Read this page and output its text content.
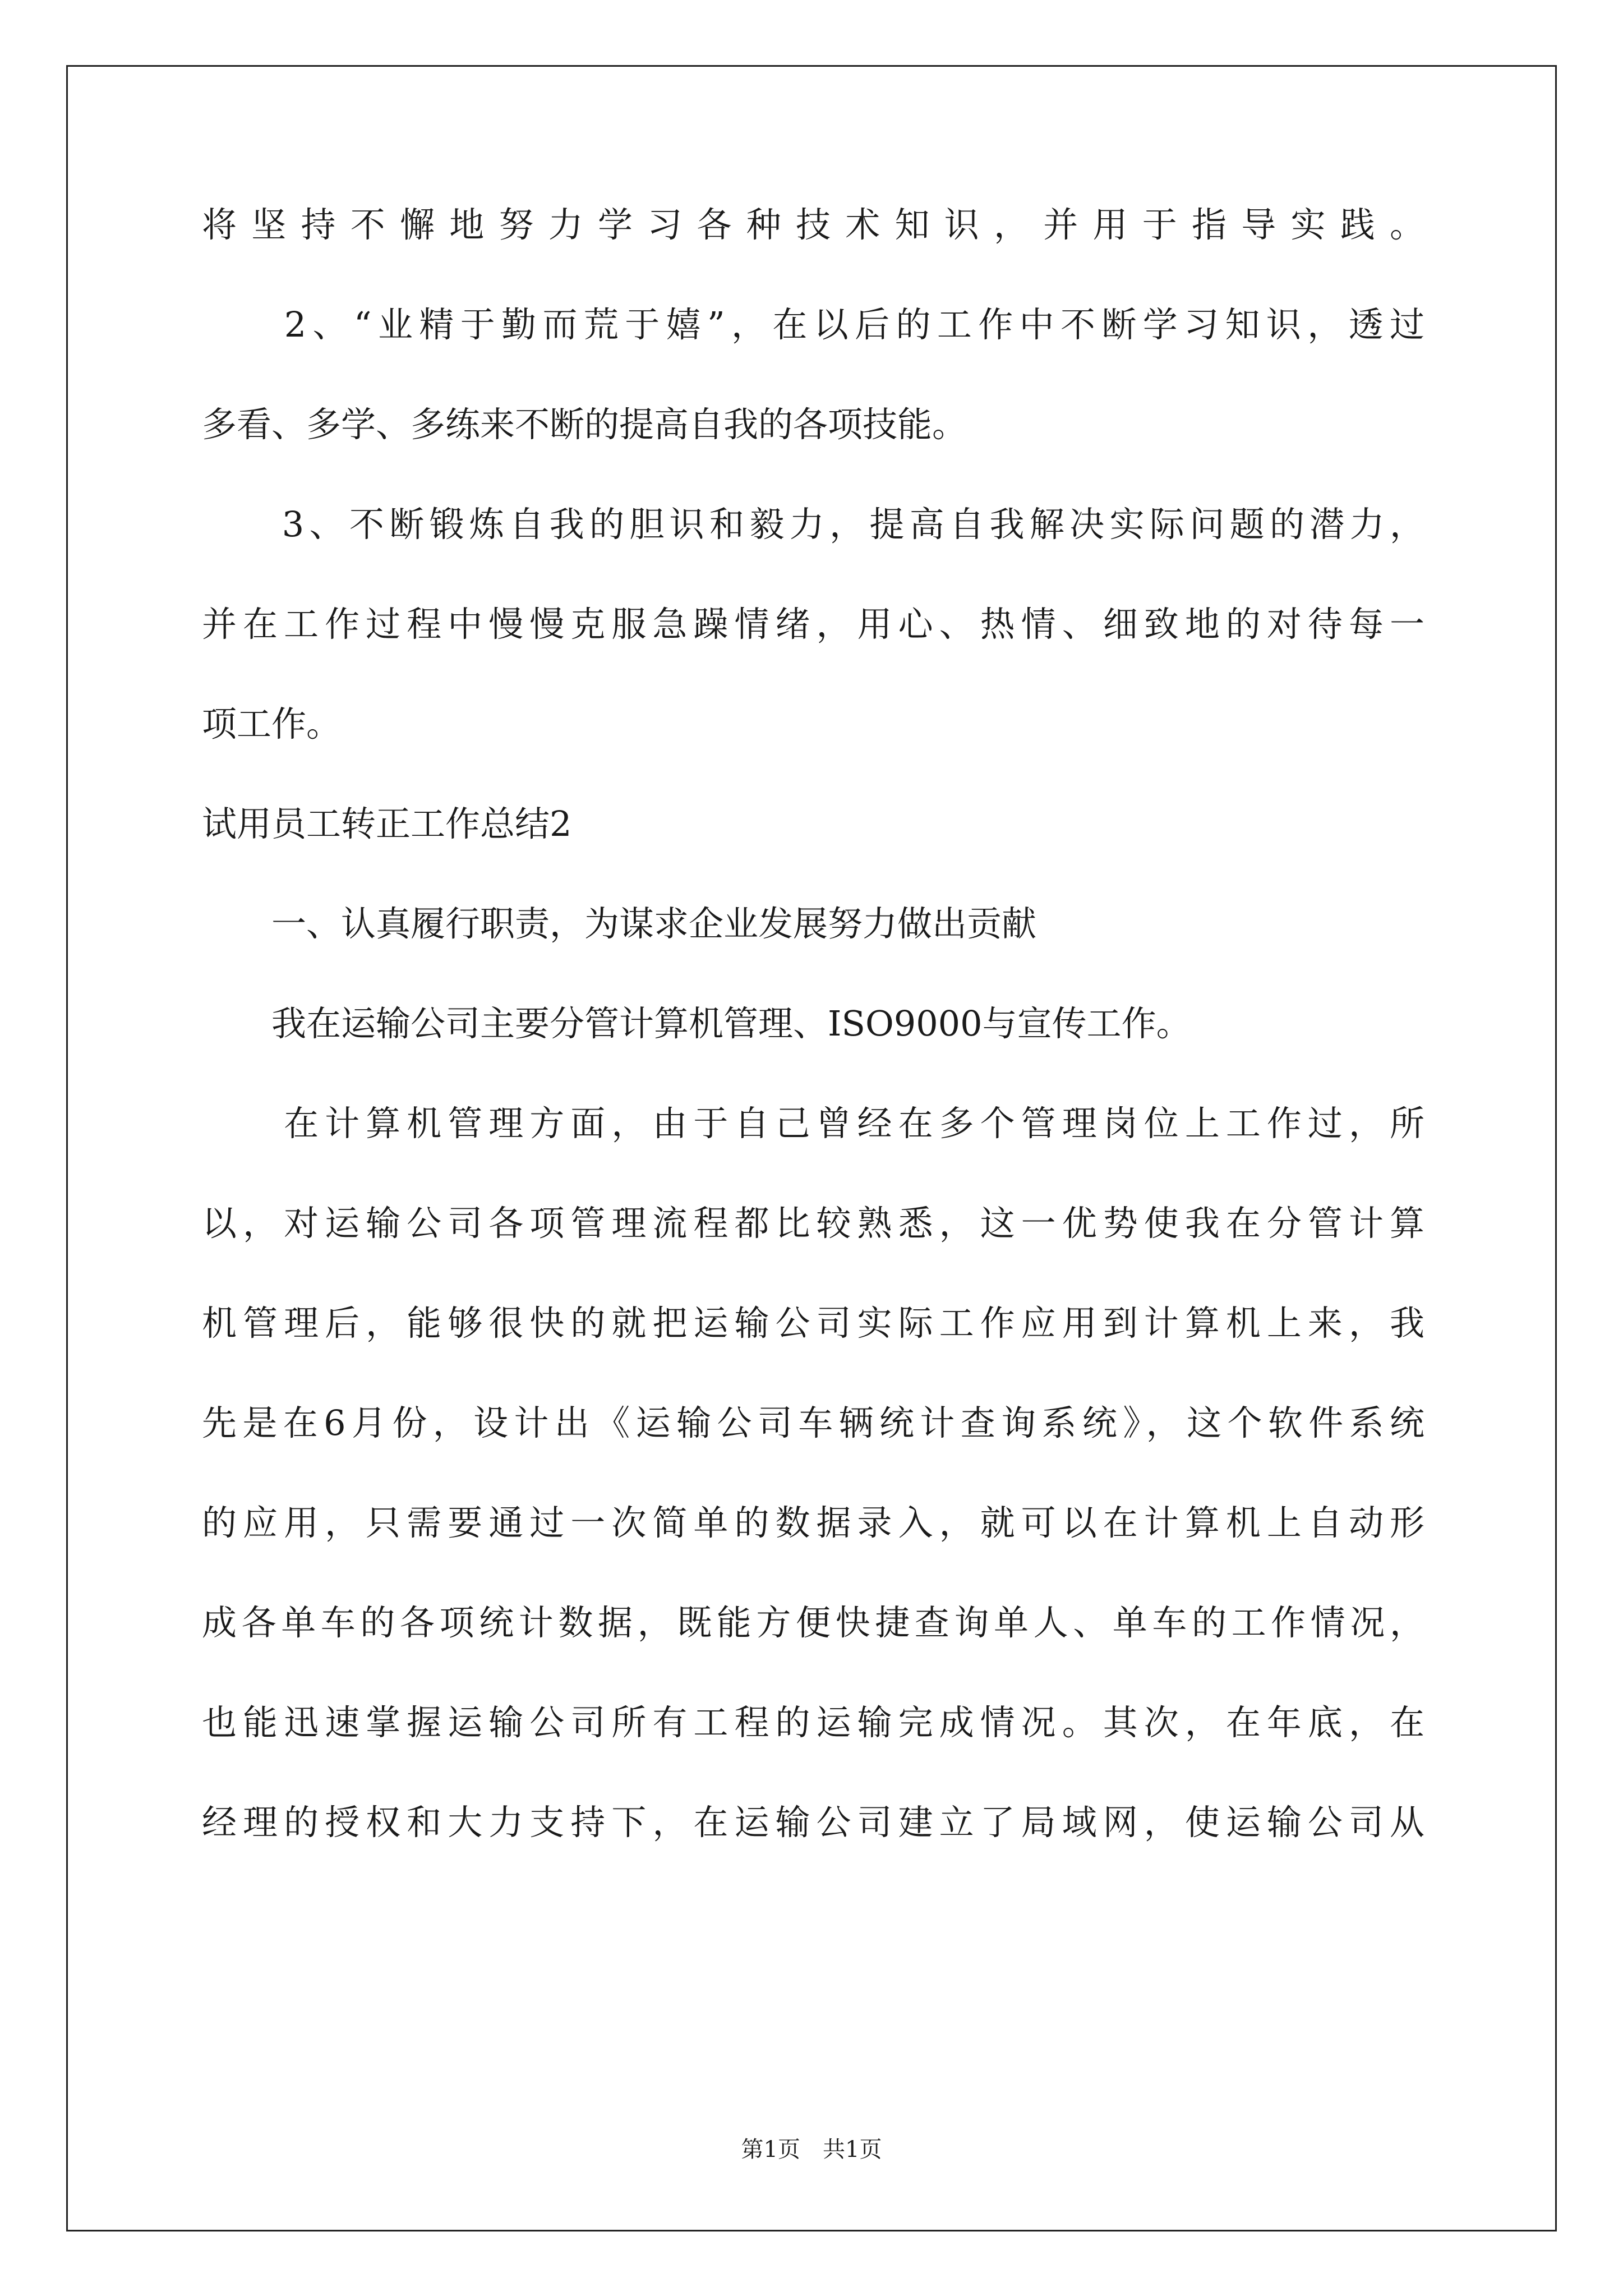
将坚持不懈地努力学习各种技术知识，并用于指导实践。
　　2、“业精于勤而荒于嬉”，在以后的工作中不断学习知识，透过
多看、多学、多练来不断的提高自我的各项技能。
　　3、不断锻炼自我的胆识和毅力，提高自我解决实际问题的潜力，
并在工作过程中慢慢克服急躁情绪，用心、热情、细致地的对待每一
项工作。
试用员工转正工作总结2
　　一、认真履行职责，为谋求企业发展努力做出贡献
　　我在运输公司主要分管计算机管理、ISO9000与宣传工作。
　　在计算机管理方面，由于自己曾经在多个管理岗位上工作过，所
以，对运输公司各项管理流程都比较熟悉，这一优势使我在分管计算
机管理后，能够很快的就把运输公司实际工作应用到计算机上来，我
先是在6月份，设计出《运输公司车辆统计查询系统》，这个软件系统
的应用，只需要通过一次简单的数据录入，就可以在计算机上自动形
成各单车的各项统计数据，既能方便快捷查询单人、单车的工作情况，
也能迅速掌握运输公司所有工程的运输完成情况。其次，在年底，在
经理的授权和大力支持下，在运输公司建立了局域网，使运输公司从
第1页　共1页
